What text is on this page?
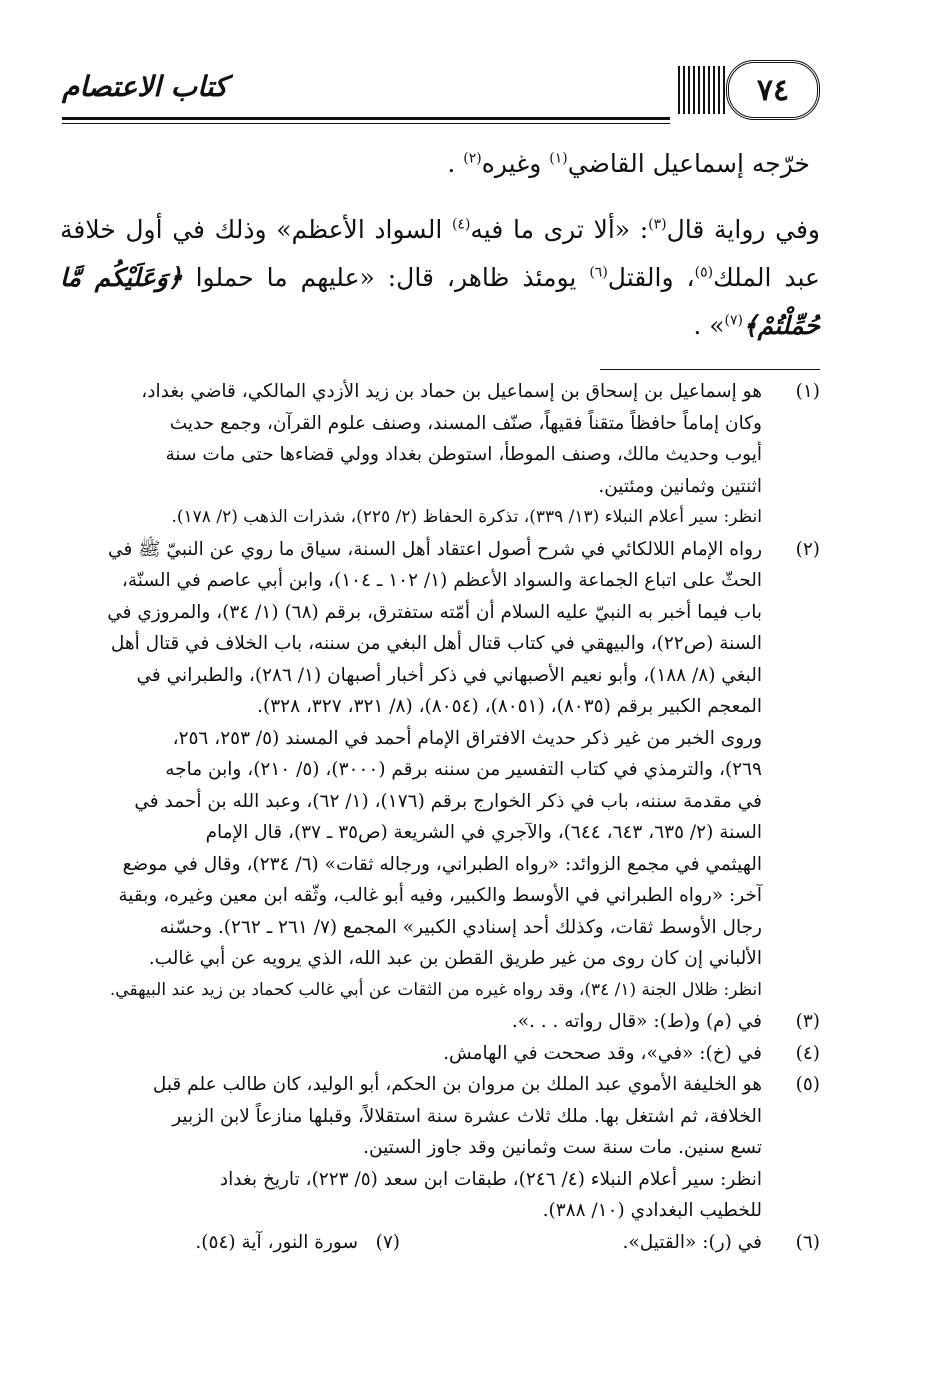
كتاب الاعتصام	٧٤

خرّجه إسماعيل القاضي$^{(١)}$ وغيره$^{(٢)}$ .

وفي رواية قال$^{(٣)}$: «ألا ترى ما فيه$^{(٤)}$ السواد الأعظم» وذلك في أول خلافة عبد الملك$^{(٥)}$، والقتل$^{(٦)}$ يومئذ ظاهر، قال: «عليهم ما حملوا ﴿وَعَلَيْكُم مَّا حُمِّلْتُمْ﴾$^{(٧)}$» .

(١)
هو إسماعيل بن إسحاق بن إسماعيل بن حماد بن زيد الأزدي المالكي، قاضي بغداد،
وكان إماماً حافظاً متقناً فقيهاً، صنّف المسند، وصنف علوم القرآن، وجمع حديث
أيوب وحديث مالك، وصنف الموطأ، استوطن بغداد وولي قضاءها حتى مات سنة
اثنتين وثمانين ومئتين.
انظر: سير أعلام النبلاء (١٣/ ٣٣٩)، تذكرة الحفاظ (٢/ ٢٢٥)، شذرات الذهب (٢/ ١٧٨).
(٢)
رواه الإمام اللالكائي في شرح أصول اعتقاد أهل السنة، سياق ما روي عن النبيّ ﷺ في
الحثّ على اتباع الجماعة والسواد الأعظم (١/ ١٠٢ ـ ١٠٤)، وابن أبي عاصم في السنّة،
باب فيما أخبر به النبيّ عليه السلام أن أمّته ستفترق، برقم (٦٨) (١/ ٣٤)، والمروزي في
السنة (ص٢٢)، والبيهقي في كتاب قتال أهل البغي من سننه، باب الخلاف في قتال أهل
البغي (٨/ ١٨٨)، وأبو نعيم الأصبهاني في ذكر أخبار أصبهان (١/ ٢٨٦)، والطبراني في
المعجم الكبير برقم (٨٠٣٥)، (٨٠٥١)، (٨٠٥٤)، (٨/ ٣٢١، ٣٢٧، ٣٢٨).
وروى الخبر من غير ذكر حديث الافتراق الإمام أحمد في المسند (٥/ ٢٥٣، ٢٥٦،
٢٦٩)، والترمذي في كتاب التفسير من سننه برقم (٣٠٠٠)، (٥/ ٢١٠)، وابن ماجه
في مقدمة سننه، باب في ذكر الخوارج برقم (١٧٦)، (١/ ٦٢)، وعبد الله بن أحمد في
السنة (٢/ ٦٣٥، ٦٤٣، ٦٤٤)، والآجري في الشريعة (ص٣٥ ـ ٣٧)، قال الإمام
الهيثمي في مجمع الزوائد: «رواه الطبراني، ورجاله ثقات» (٦/ ٢٣٤)، وقال في موضع
آخر: «رواه الطبراني في الأوسط والكبير، وفيه أبو غالب، وثّقه ابن معين وغيره، وبقية
رجال الأوسط ثقات، وكذلك أحد إسنادي الكبير» المجمع (٧/ ٢٦١ ـ ٢٦٢). وحسّنه
الألباني إن كان روى من غير طريق القطن بن عبد الله، الذي يرويه عن أبي غالب.
انظر: ظلال الجنة (١/ ٣٤)، وقد رواه غيره من الثقات عن أبي غالب كحماد بن زيد عند البيهقي.
(٣)
في (م) و(ط): «قال رواته . . .».
(٤)
في (خ): «في»، وقد صححت في الهامش.
(٥)
هو الخليفة الأموي عبد الملك بن مروان بن الحكم، أبو الوليد، كان طالب علم قبل
الخلافة، ثم اشتغل بها. ملك ثلاث عشرة سنة استقلالاً، وقبلها منازعاً لابن الزبير
تسع سنين. مات سنة ست وثمانين وقد جاوز الستين.
انظر: سير أعلام النبلاء (٤/ ٢٤٦)، طبقات ابن سعد (٥/ ٢٢٣)، تاريخ بغداد
للخطيب البغدادي (١٠/ ٣٨٨).
(٦)
في (ر): «القتيل».
(٧)   سورة النور، آية (٥٤).
